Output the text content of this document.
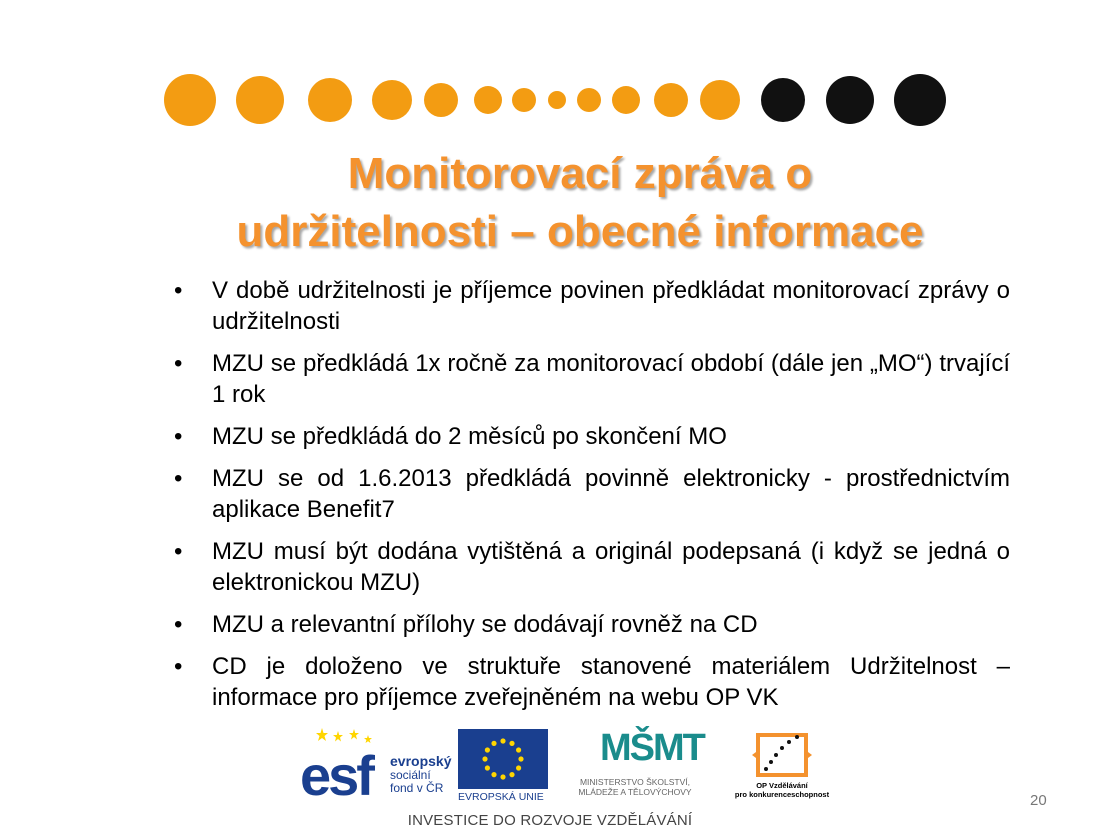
Monitorovací zpráva o
udržitelnosti – obecné informace
• V době udržitelnosti je příjemce povinen předkládat monitorovací zprávy o udržitelnosti
• MZU se předkládá 1x ročně za monitorovací období (dále jen „MO“) trvající 1 rok
• MZU se předkládá do 2 měsíců po skončení MO
• MZU se od 1.6.2013 předkládá povinně elektronicky - prostřednictvím aplikace Benefit7
• MZU musí být dodána vytištěná a originál podepsaná (i když se jedná o elektronickou MZU)
• MZU a relevantní přílohy se dodávají rovněž na CD
• CD je doloženo ve struktuře stanovené materiálem Udržitelnost – informace pro příjemce zveřejněném na webu OP VK
esf evropský
sociální
fond v ČR
EVROPSKÁ UNIE
MŠMT
MINISTERSTVO ŠKOLSTVÍ,
MLÁDEŽE A TĚLOVÝCHOVY
OP Vzdělávání
pro konkurenceschopnost	20
INVESTICE DO ROZVOJE VZDĚLÁVÁNÍ
